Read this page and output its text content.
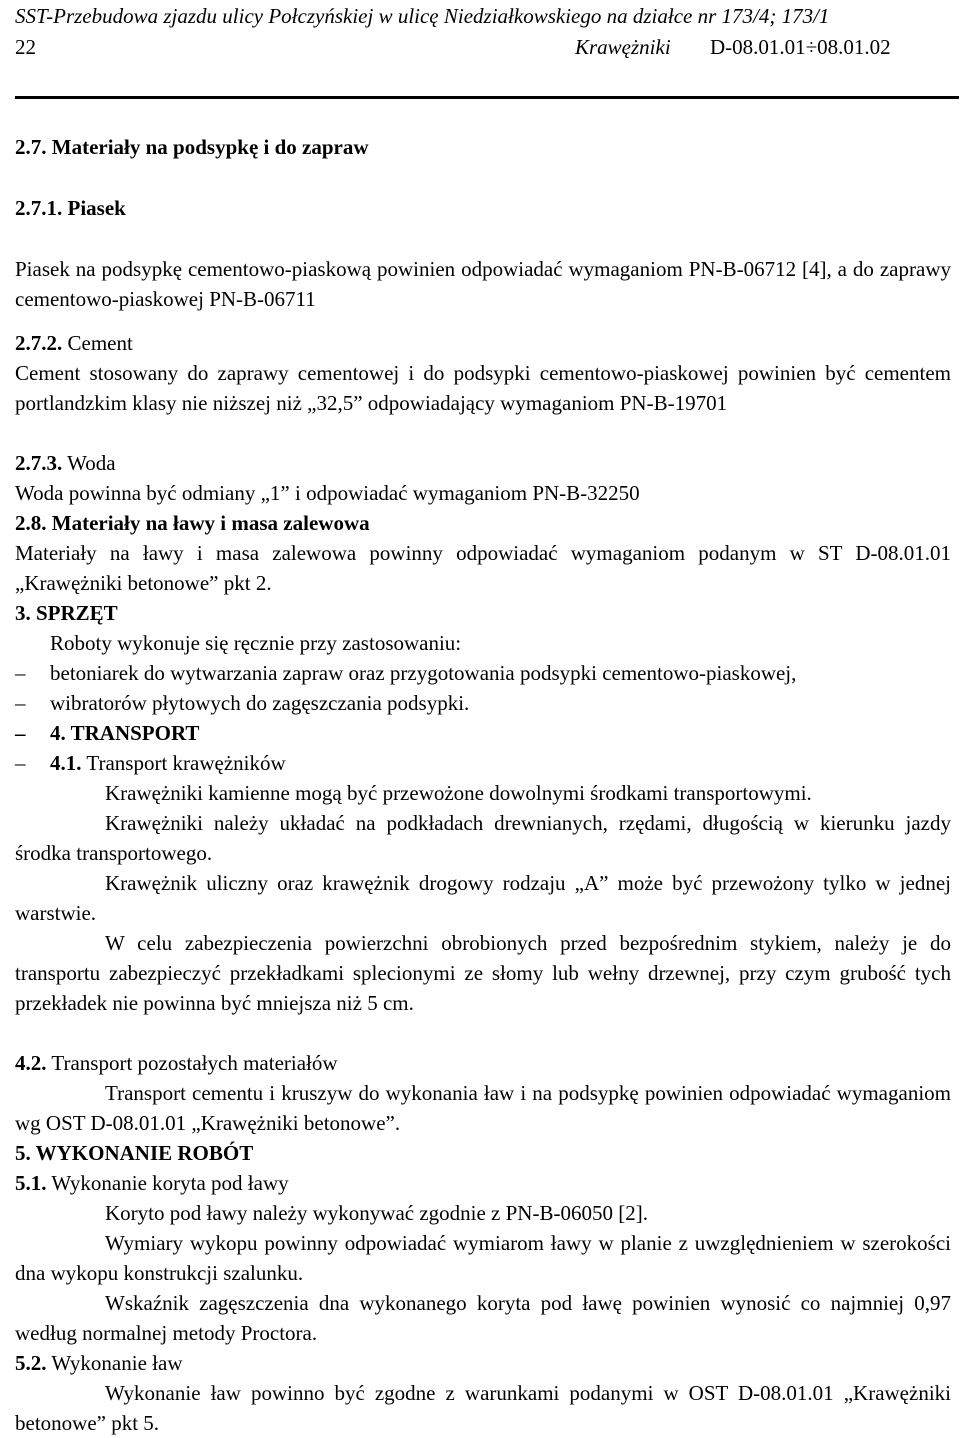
SST-Przebudowa zjazdu ulicy Połczyńskiej w ulicę Niedziałkowskiego na działce nr 173/4; 173/1
22	Krawężniki	D-08.01.01÷08.01.02

2.7. Materiały na podsypkę i do zapraw

2.7.1. Piasek

Piasek na podsypkę cementowo-piaskową powinien odpowiadać wymaganiom PN-B-06712 [4], a do zaprawy cementowo-piaskowej PN-B-06711

2.7.2. Cement

Cement stosowany do zaprawy cementowej i do podsypki cementowo-piaskowej powinien być cementem portlandzkim klasy nie niższej niż „32,5” odpowiadający wymaganiom PN-B-19701

2.7.3. Woda

Woda powinna być odmiany „1” i odpowiadać wymaganiom PN-B-32250

2.8. Materiały na ławy i masa zalewowa

Materiały na ławy i masa zalewowa powinny odpowiadać wymaganiom podanym w ST D-08.01.01 „Krawężniki betonowe” pkt 2.

3. SPRZĘT

Roboty wykonuje się ręcznie przy zastosowaniu:

– betoniarek do wytwarzania zapraw oraz przygotowania podsypki cementowo-piaskowej,
– wibratorów płytowych do zagęszczania podsypki.
– 4. TRANSPORT
– 4.1. Transport krawężników

Krawężniki kamienne mogą być przewożone dowolnymi środkami transportowymi.

Krawężniki należy układać na podkładach drewnianych, rzędami, długością w kierunku jazdy środka transportowego.

Krawężnik uliczny oraz krawężnik drogowy rodzaju „A” może być przewożony tylko w jednej warstwie.

W celu zabezpieczenia powierzchni obrobionych przed bezpośrednim stykiem, należy je do transportu zabezpieczyć przekładkami splecionymi ze słomy lub wełny drzewnej, przy czym grubość tych przekładek nie powinna być mniejsza niż 5 cm.

4.2. Transport pozostałych materiałów

Transport cementu i kruszyw do wykonania ław i na podsypkę powinien odpowiadać wymaganiom wg OST D-08.01.01 „Krawężniki betonowe”.

5. WYKONANIE ROBÓT

5.1. Wykonanie koryta pod ławy

Koryto pod ławy należy wykonywać zgodnie z PN-B-06050 [2].

Wymiary wykopu powinny odpowiadać wymiarom ławy w planie z uwzględnieniem w szerokości dna wykopu konstrukcji szalunku.

Wskaźnik zagęszczenia dna wykonanego koryta pod ławę powinien wynosić co najmniej 0,97 według normalnej metody Proctora.

5.2. Wykonanie ław

Wykonanie ław powinno być zgodne z warunkami podanymi w OST D-08.01.01 „Krawężniki betonowe” pkt 5.
